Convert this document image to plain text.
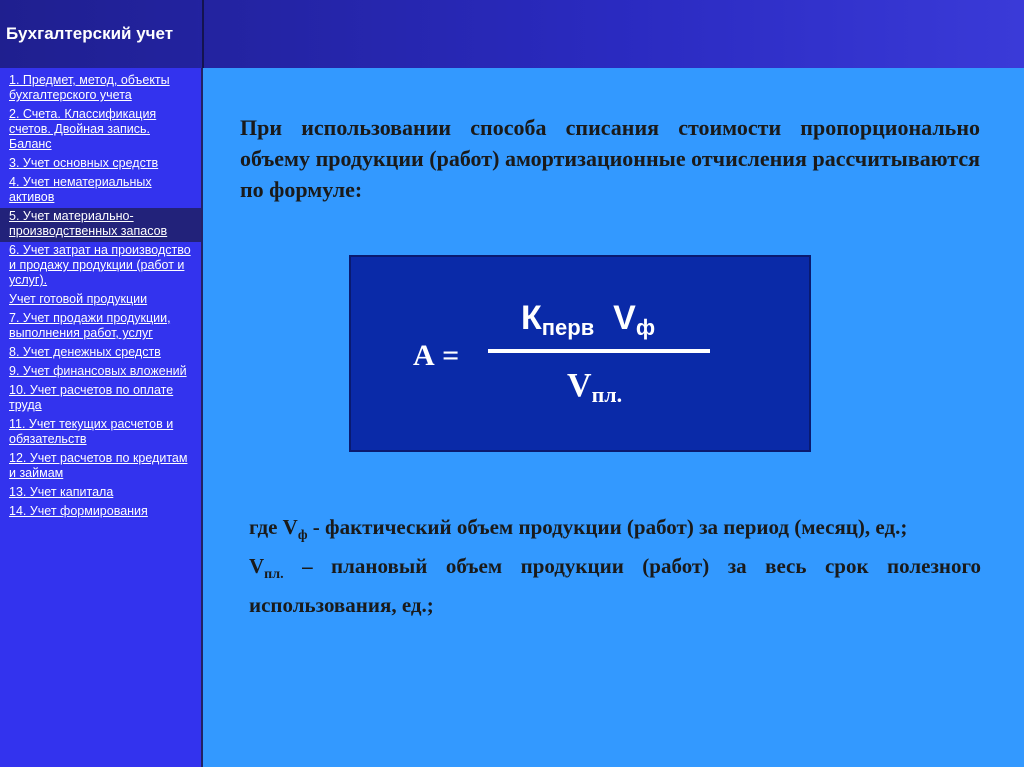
Бухгалтерский учет
1. Предмет, метод, объекты бухгалтерского учета
2. Счета. Классификация счетов. Двойная запись. Баланс
3. Учет основных средств
4. Учет нематериальных активов
5. Учет материально-производственных запасов
6. Учет затрат на производство и продажу продукции (работ и услуг).
Учет готовой продукции
7. Учет продажи продукции, выполнения работ, услуг
8. Учет денежных средств
9. Учет финансовых вложений
10. Учет расчетов по оплате труда
11. Учет текущих расчетов и обязательств
12. Учет расчетов по кредитам и займам
13. Учет капитала
14. Учет формирования
При использовании способа списания стоимости пропорционально объему продукции (работ) амортизационные отчисления рассчитываются по формуле:
А =
$К_{перв}$ $V_ф$
$V_{пл.}$

где $V_ф$ - фактический объем продукции (работ) за период (месяц), ед.;

$V_{пл.}$ – плановый объем продукции (работ) за весь срок полезного использования, ед.;
